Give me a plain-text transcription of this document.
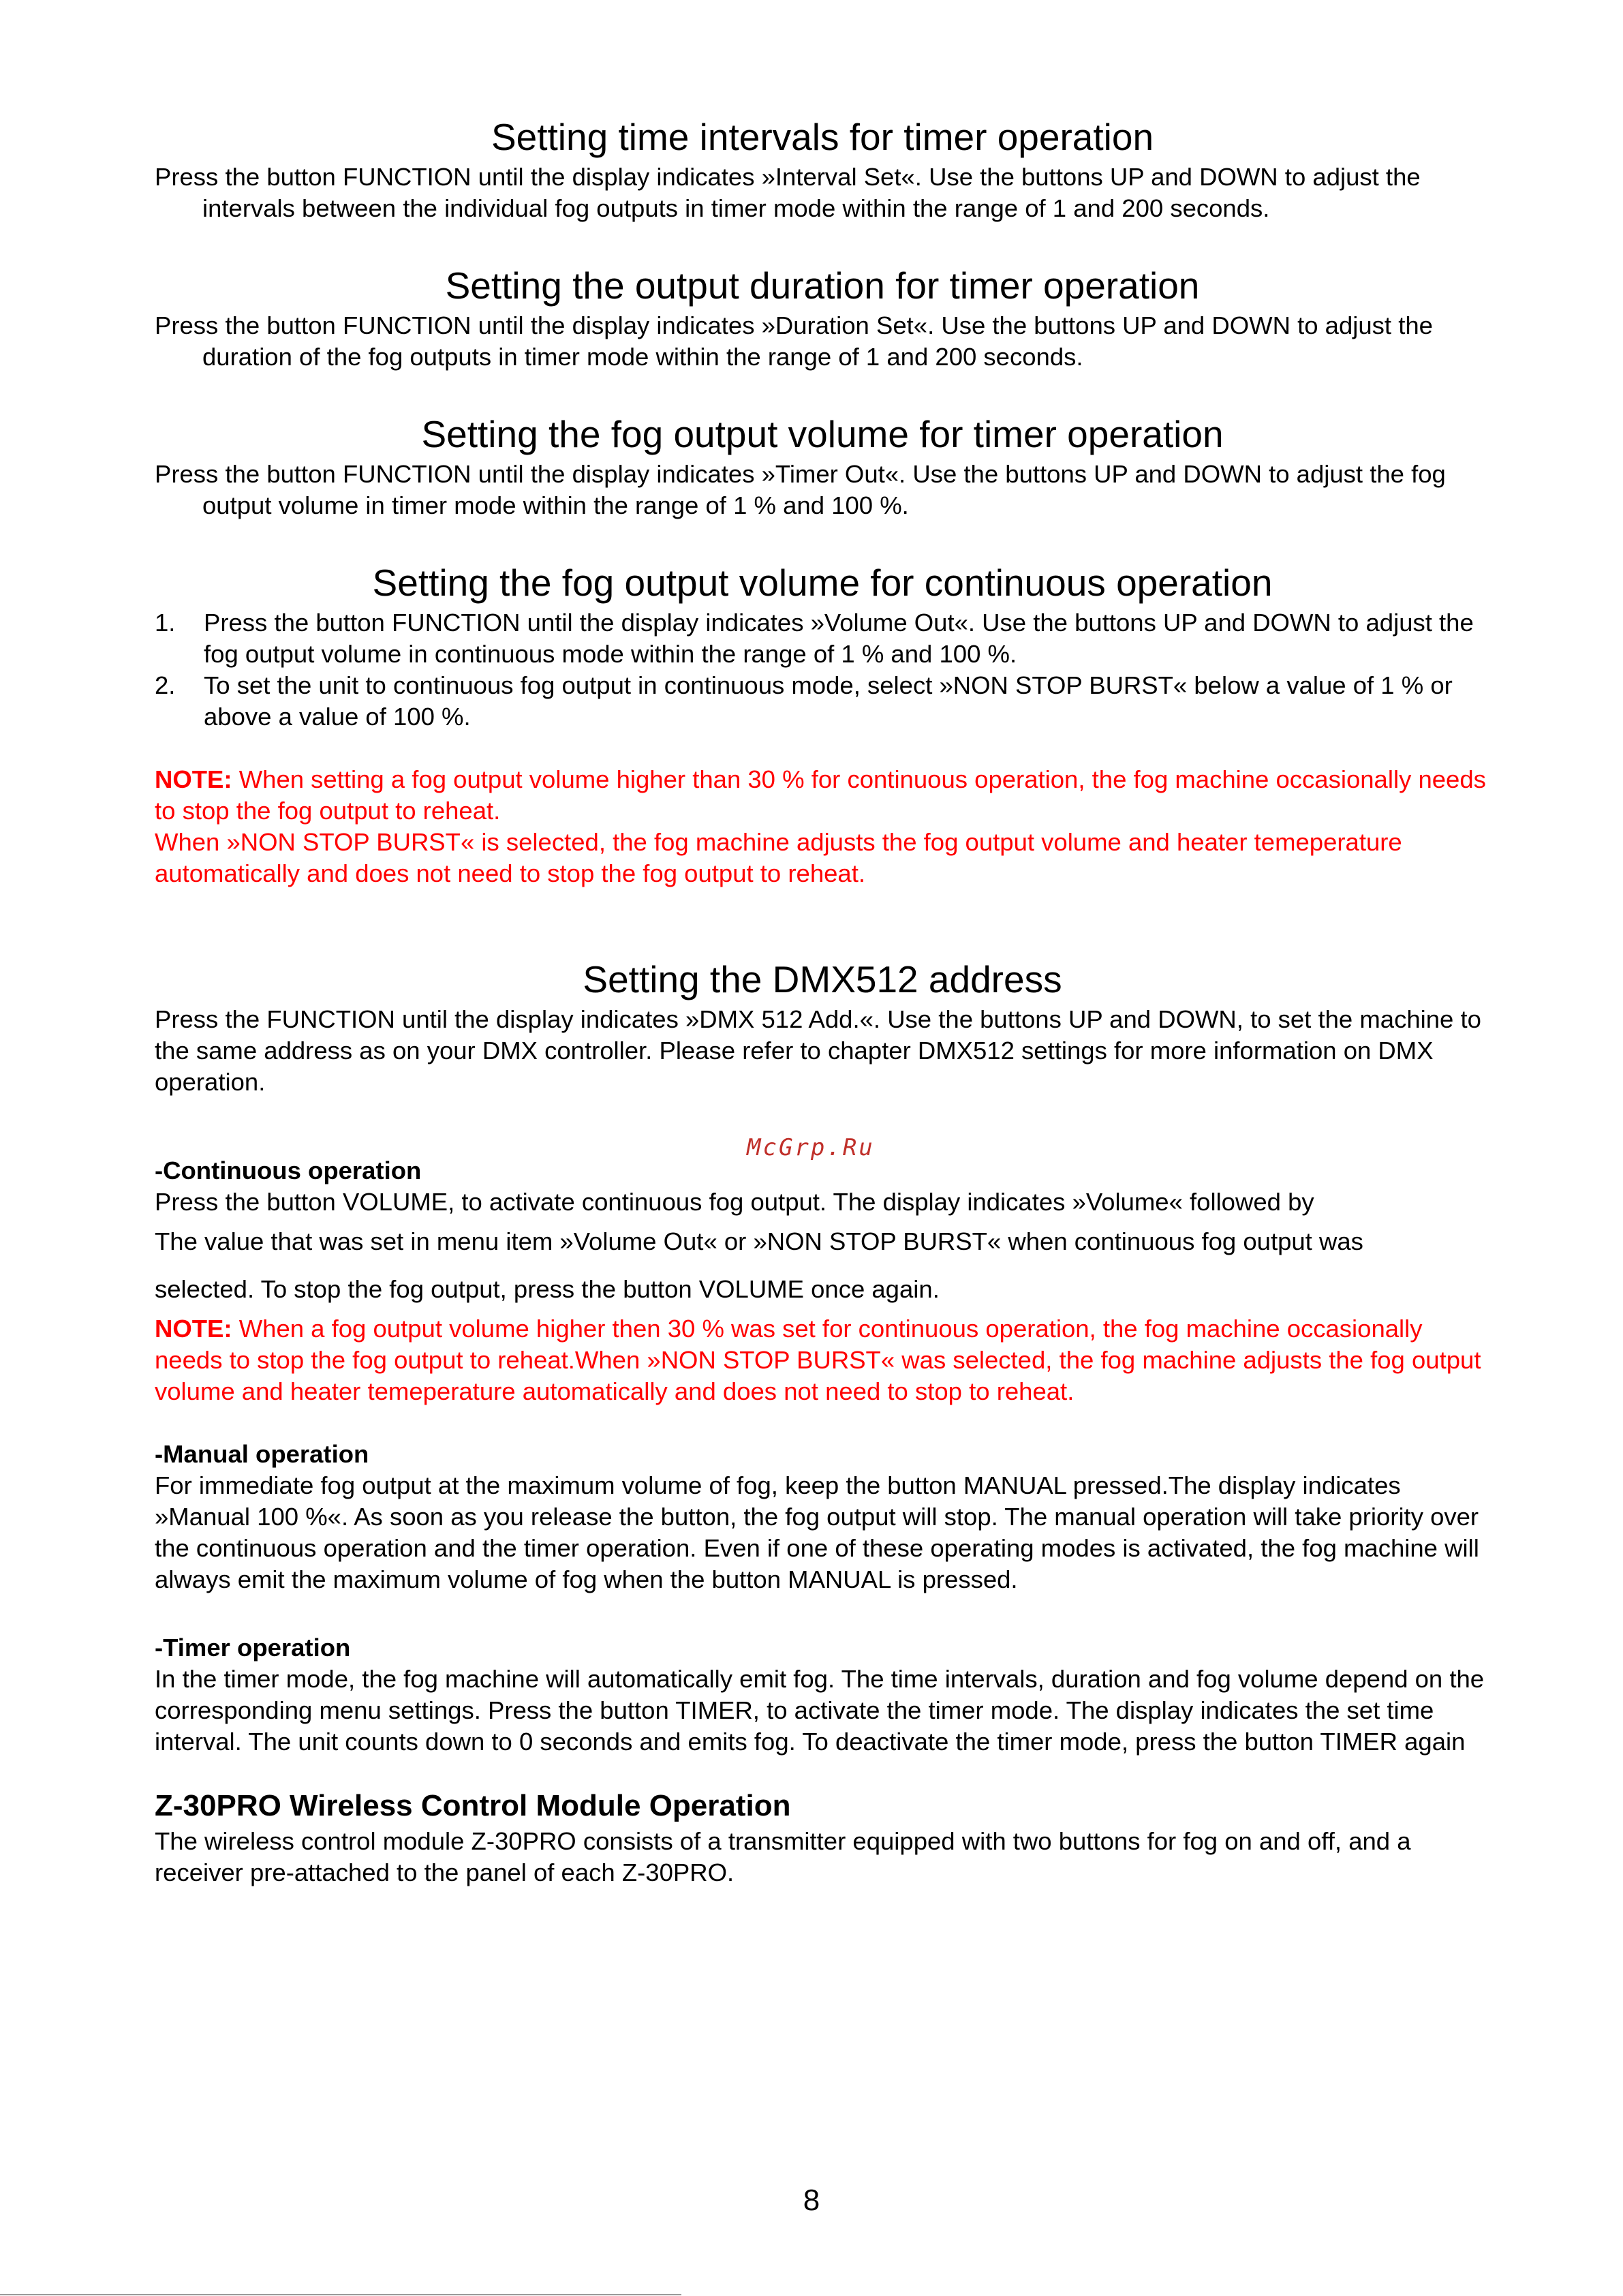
Setting time intervals for timer operation

Press the button FUNCTION until the display indicates »Interval Set«. Use the buttons UP and DOWN to adjust the intervals between the individual fog outputs in timer mode within the range of 1 and 200 seconds.

Setting the output duration for timer operation

Press the button FUNCTION until the display indicates »Duration Set«. Use the buttons UP and DOWN to adjust the duration of the fog outputs in timer mode within the range of 1 and 200 seconds.

Setting the fog output volume for timer operation

Press the button FUNCTION until the display indicates »Timer Out«. Use the buttons UP and DOWN to adjust the fog output volume in timer mode within the range of 1 % and 100 %.

Setting the fog output volume for continuous operation
1.	Press the button FUNCTION until the display indicates »Volume Out«. Use the buttons UP and DOWN to adjust the fog output volume in continuous mode within the range of 1 % and 100 %.
2.	To set the unit to continuous fog output in continuous mode, select »NON STOP BURST« below a value of 1 % or above a value of 100 %.

NOTE: When setting a fog output volume higher than 30 % for continuous operation, the fog machine occasionally needs to stop the fog output to reheat.

When »NON STOP BURST« is selected, the fog machine adjusts the fog output volume and heater temeperature automatically and does not need to stop the fog output to reheat.

Setting the DMX512 address

Press the FUNCTION until the display indicates »DMX 512 Add.«. Use the buttons UP and DOWN, to set the machine to the same address as on your DMX controller. Please refer to chapter DMX512 settings for more information on DMX operation.

-Continuous operation

Press the button VOLUME, to activate continuous fog output. The display indicates »Volume« followed by

The value that was set in menu item »Volume Out« or »NON STOP BURST« when continuous fog output was

selected. To stop the fog output, press the button VOLUME once again.

NOTE: When a fog output volume higher then 30 % was set for continuous operation, the fog machine occasionally needs to stop the fog output to reheat.When »NON STOP BURST« was selected, the fog machine adjusts the fog output volume and heater temeperature automatically and does not need to stop to reheat.

-Manual operation

For immediate fog output at the maximum volume of fog, keep the button MANUAL pressed.The display indicates »Manual 100 %«. As soon as you release the button, the fog output will stop. The manual operation will take priority over the continuous operation and the timer operation. Even if one of these operating modes is activated, the fog machine will always emit the maximum volume of fog when the button MANUAL is pressed.

-Timer operation

In the timer mode, the fog machine will automatically emit fog. The time intervals, duration and fog volume depend on the corresponding menu settings. Press the button TIMER, to activate the timer mode. The display indicates the set time interval. The unit counts down to 0 seconds and emits fog. To deactivate the timer mode, press the button TIMER again

Z-30PRO Wireless Control Module Operation

The wireless control module Z-30PRO consists of a transmitter equipped with two buttons for fog on and off, and a receiver pre-attached to the panel of each Z-30PRO.

McGrp.Ru
8
